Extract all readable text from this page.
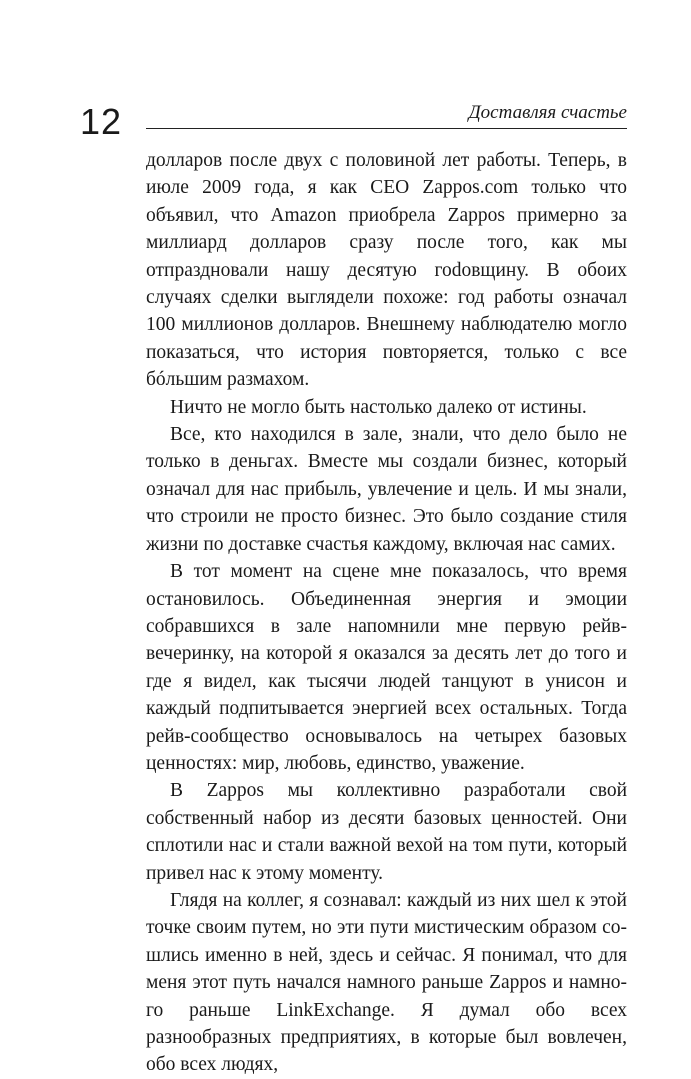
12	Доставляя счастье

долларов после двух с половиной лет работы. Теперь, в июле 2009 года, я как CEO Zappos.com только что объявил, что Amazon приобрела Zappos примерно за миллиард долларов сразу после того, как мы отпраздновали нашу десятую гоdовщину. В обоих случаях сделки выглядели похоже: год работы означал 100 миллионов долларов. Внешнему наблюдателю могло показаться, что история повторяется, только с все бóльшим размахом.

Ничто не могло быть настолько далеко от истины.

Все, кто находился в зале, знали, что дело было не только в деньгах. Вместе мы создали бизнес, который означал для нас прибыль, увлечение и цель. И мы знали, что строили не просто бизнес. Это было создание стиля жизни по доставке счастья каждому, включая нас самих.

В тот момент на сцене мне показалось, что время остановилось. Объединенная энергия и эмоции собравшихся в зале напомнили мне первую рейв-вечеринку, на которой я оказался за десять лет до того и где я видел, как тысячи людей танцуют в унисон и каждый подпитывается энергией всех остальных. Тогда рейв-сообщество основывалось на четырех базовых ценностях: мир, любовь, единство, уважение.

В Zappos мы коллективно разработали свой собственный набор из десяти базовых ценностей. Они сплотили нас и стали важной вехой на том пути, который привел нас к этому моменту.

Глядя на коллег, я сознавал: каждый из них шел к этой точке своим путем, но эти пути мистическим образом сошлись именно в ней, здесь и сейчас. Я понимал, что для меня этот путь начался намного раньше Zappos и намного раньше LinkExchange. Я думал обо всех разнообразных предприятиях, в которые был вовлечен, обо всех людях,
